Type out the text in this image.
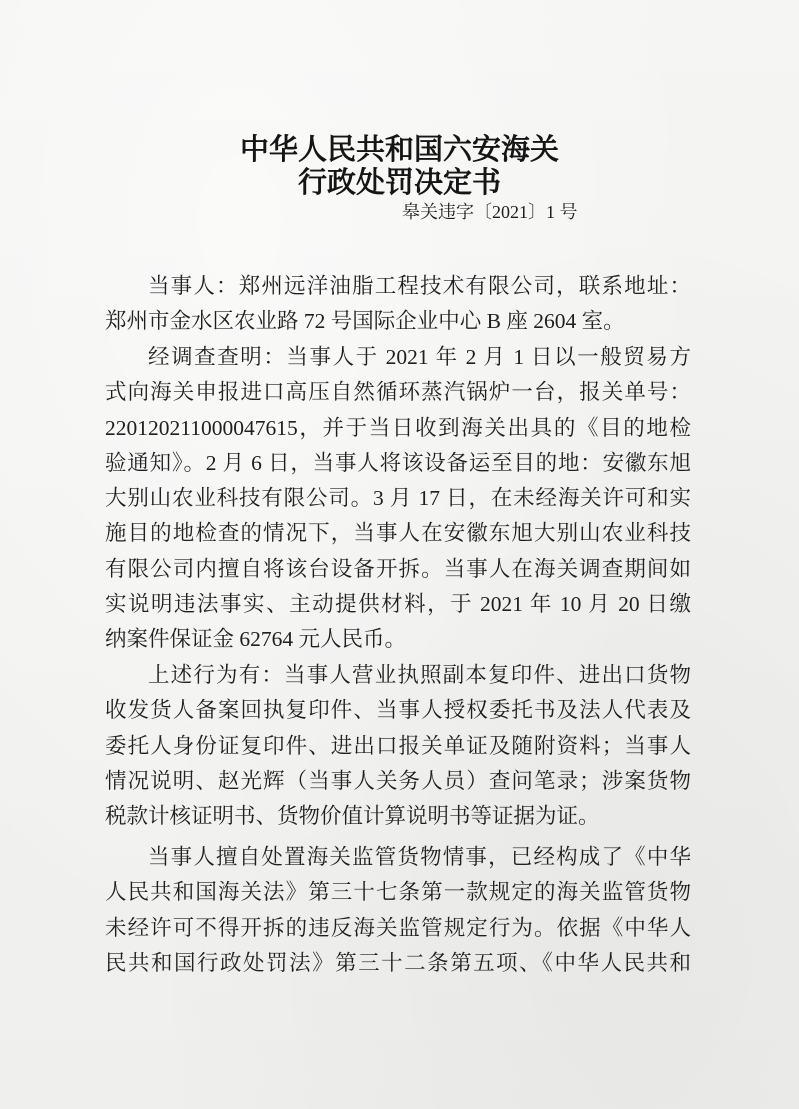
中华人民共和国六安海关
行政处罚决定书
皋关违字〔2021〕1 号
当事人：郑州远洋油脂工程技术有限公司，联系地址：
郑州市金水区农业路 72 号国际企业中心 B 座 2604 室。
经调查查明：当事人于 2021 年 2 月 1 日以一般贸易方
式向海关申报进口高压自然循环蒸汽锅炉一台，报关单号：
220120211000047615，并于当日收到海关出具的《目的地检
验通知》。2 月 6 日，当事人将该设备运至目的地：安徽东旭
大别山农业科技有限公司。3 月 17 日，在未经海关许可和实
施目的地检查的情况下，当事人在安徽东旭大别山农业科技
有限公司内擅自将该台设备开拆。当事人在海关调查期间如
实说明违法事实、主动提供材料，于 2021 年 10 月 20 日缴
纳案件保证金 62764 元人民币。
上述行为有：当事人营业执照副本复印件、进出口货物
收发货人备案回执复印件、当事人授权委托书及法人代表及
委托人身份证复印件、进出口报关单证及随附资料；当事人
情况说明、赵光辉（当事人关务人员）查问笔录；涉案货物
税款计核证明书、货物价值计算说明书等证据为证。
当事人擅自处置海关监管货物情事，已经构成了《中华
人民共和国海关法》第三十七条第一款规定的海关监管货物
未经许可不得开拆的违反海关监管规定行为。依据《中华人
民共和国行政处罚法》第三十二条第五项、《中华人民共和
